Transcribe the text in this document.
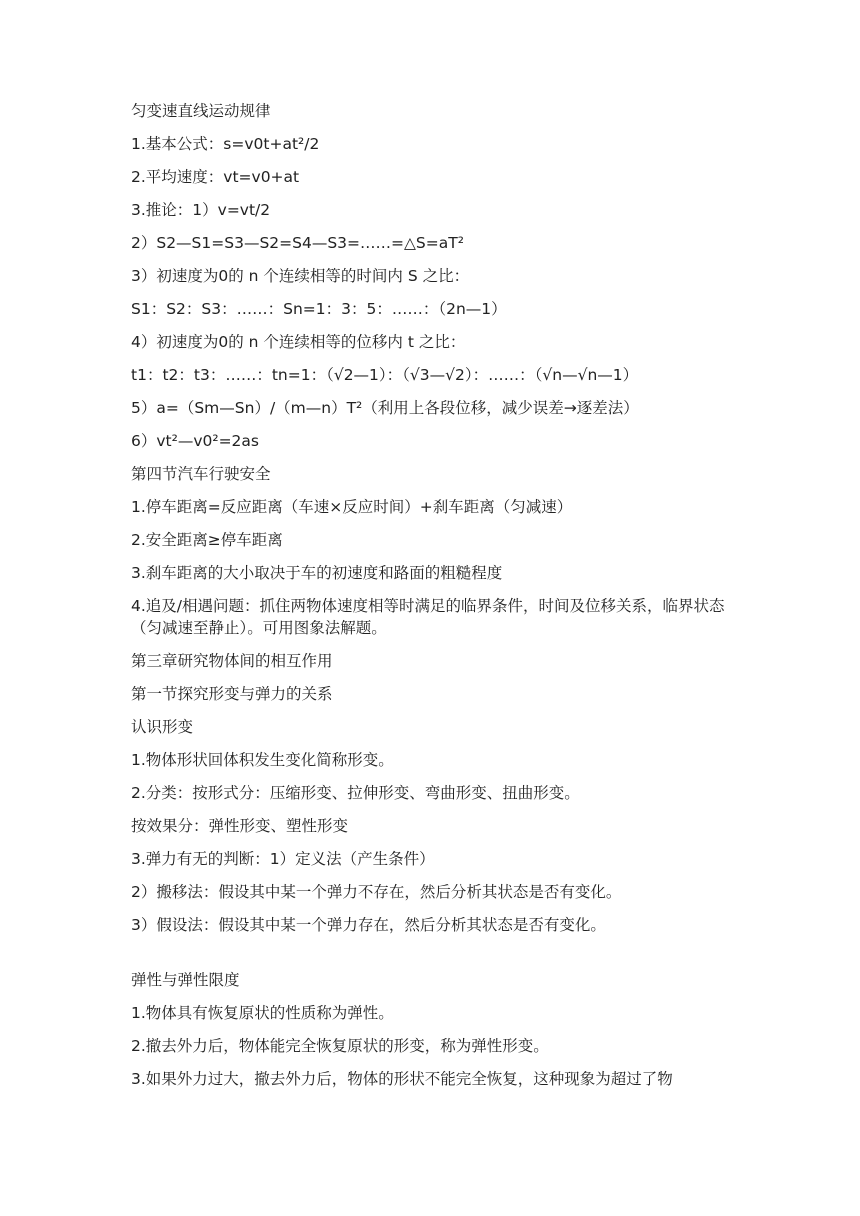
匀变速直线运动规律
1.基本公式：s=v0t+at²/2
2.平均速度：vt=v0+at
3.推论：1）v=vt/2
2）S2—S1=S3—S2=S4—S3=……=△S=aT²
3）初速度为0的 n 个连续相等的时间内 S 之比：
S1：S2：S3：……：Sn=1：3：5：……：（2n—1）
4）初速度为0的 n 个连续相等的位移内 t 之比：
t1：t2：t3：……：tn=1：（√2—1）：（√3—√2）：……：（√n—√n—1）
5）a=（Sm—Sn）/（m—n）T²（利用上各段位移，减少误差→逐差法）
6）vt²—v0²=2as
第四节汽车行驶安全
1.停车距离=反应距离（车速×反应时间）+刹车距离（匀减速）
2.安全距离≥停车距离
3.刹车距离的大小取决于车的初速度和路面的粗糙程度
4.追及/相遇问题：抓住两物体速度相等时满足的临界条件，时间及位移关系，临界状态（匀减速至静止）。可用图象法解题。
第三章研究物体间的相互作用
第一节探究形变与弹力的关系
认识形变
1.物体形状回体积发生变化简称形变。
2.分类：按形式分：压缩形变、拉伸形变、弯曲形变、扭曲形变。
按效果分：弹性形变、塑性形变
3.弹力有无的判断：1）定义法（产生条件）
2）搬移法：假设其中某一个弹力不存在，然后分析其状态是否有变化。
3）假设法：假设其中某一个弹力存在，然后分析其状态是否有变化。
弹性与弹性限度
1.物体具有恢复原状的性质称为弹性。
2.撤去外力后，物体能完全恢复原状的形变，称为弹性形变。
3.如果外力过大，撤去外力后，物体的形状不能完全恢复，这种现象为超过了物
